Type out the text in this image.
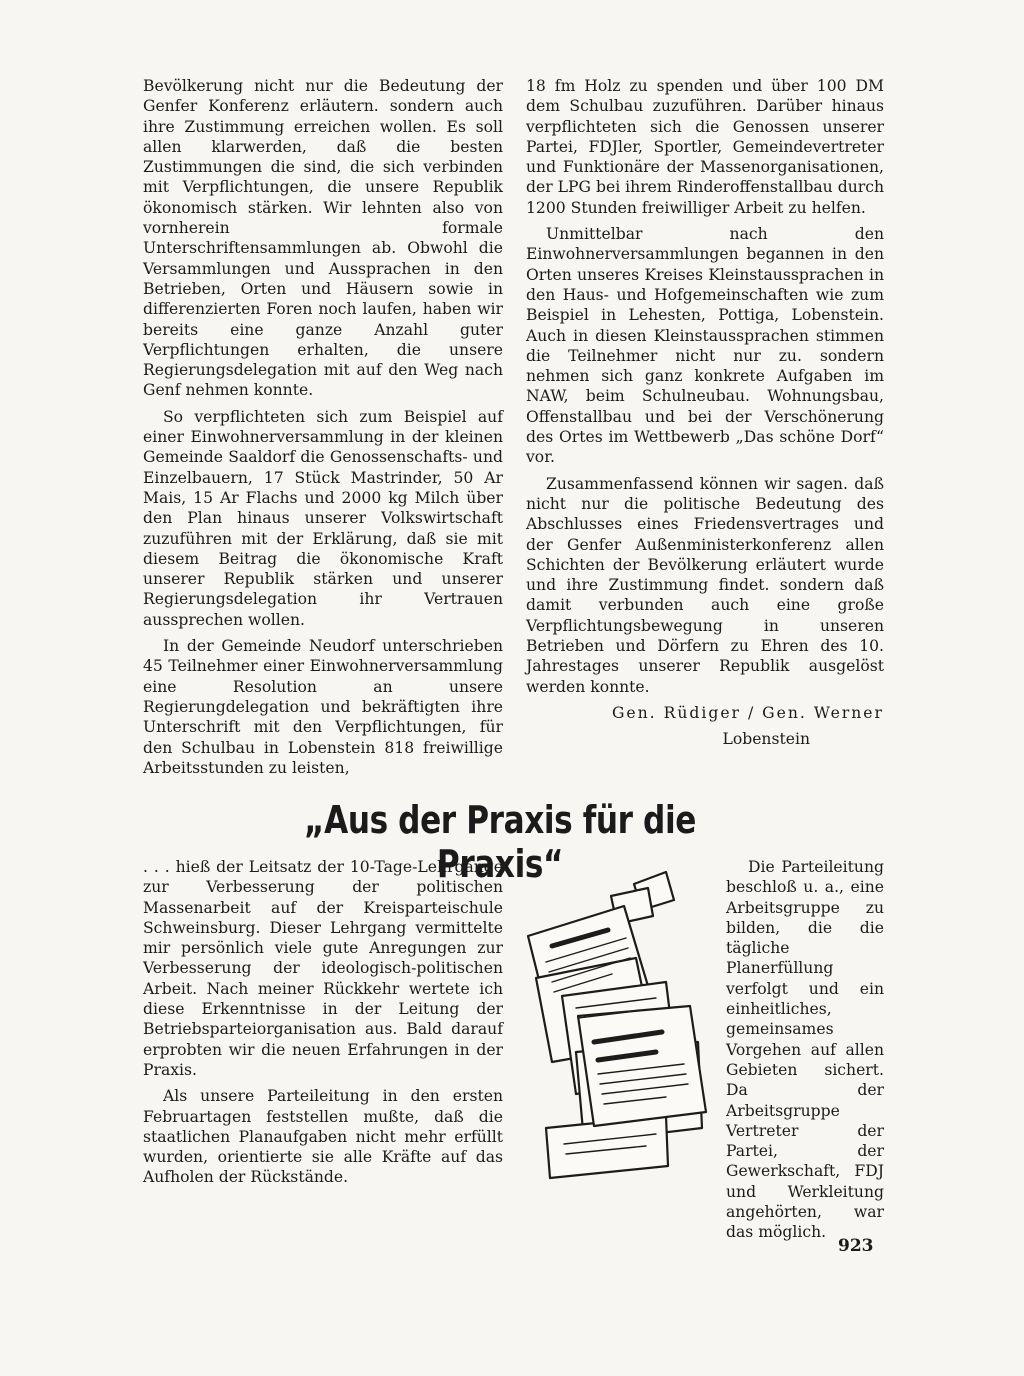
Bevölkerung nicht nur die Bedeutung der Genfer Konferenz erläutern. sondern auch ihre Zustimmung erreichen wollen. Es soll allen klarwerden, daß die besten Zustimmungen die sind, die sich verbinden mit Verpflichtungen, die unsere Republik ökonomisch stärken. Wir lehnten also von vornherein formale Unterschriftensammlungen ab. Obwohl die Versammlungen und Aussprachen in den Betrieben, Orten und Häusern sowie in differenzierten Foren noch laufen, haben wir bereits eine ganze Anzahl guter Verpflichtungen erhalten, die unsere Regierungsdelegation mit auf den Weg nach Genf nehmen konnte.

So verpflichteten sich zum Beispiel auf einer Einwohnerversammlung in der kleinen Gemeinde Saaldorf die Genossenschafts- und Einzelbauern, 17 Stück Mastrinder, 50 Ar Mais, 15 Ar Flachs und 2000 kg Milch über den Plan hinaus unserer Volkswirtschaft zuzuführen mit der Erklärung, daß sie mit diesem Beitrag die ökonomische Kraft unserer Republik stärken und unserer Regierungsdelegation ihr Vertrauen aussprechen wollen.

In der Gemeinde Neudorf unterschrieben 45 Teilnehmer einer Einwohnerversammlung eine Resolution an unsere Regierungdelegation und bekräftigten ihre Unterschrift mit den Verpflichtungen, für den Schulbau in Lobenstein 818 freiwillige Arbeitsstunden zu leisten,

18 fm Holz zu spenden und über 100 DM dem Schulbau zuzuführen. Darüber hinaus verpflichteten sich die Genossen unserer Partei, FDJler, Sportler, Gemeindevertreter und Funktionäre der Massenorganisationen, der LPG bei ihrem Rinderoffenstallbau durch 1200 Stunden freiwilliger Arbeit zu helfen.

Unmittelbar nach den Einwohnerversammlungen begannen in den Orten unseres Kreises Kleinstaussprachen in den Haus- und Hofgemeinschaften wie zum Beispiel in Lehesten, Pottiga, Lobenstein. Auch in diesen Kleinstaussprachen stimmen die Teilnehmer nicht nur zu. sondern nehmen sich ganz konkrete Aufgaben im NAW, beim Schulneubau. Wohnungsbau, Offenstallbau und bei der Verschönerung des Ortes im Wettbewerb „Das schöne Dorf“ vor.

Zusammenfassend können wir sagen. daß nicht nur die politische Bedeutung des Abschlusses eines Friedensvertrages und der Genfer Außenministerkonferenz allen Schichten der Bevölkerung erläutert wurde und ihre Zustimmung findet. sondern daß damit verbunden auch eine große Verpflichtungsbewegung in unseren Betrieben und Dörfern zu Ehren des 10. Jahrestages unserer Republik ausgelöst werden konnte.

Gen. Rüdiger / Gen. Werner

Lobenstein

„Aus der Praxis für die Praxis“

. . . hieß der Leitsatz der 10-Tage-Lehrgänge zur Verbesserung der politischen Massenarbeit auf der Kreisparteischule Schweinsburg. Dieser Lehrgang vermittelte mir persönlich viele gute Anregungen zur Verbesserung der ideologisch-politischen Arbeit. Nach meiner Rückkehr wertete ich diese Erkenntnisse in der Leitung der Betriebsparteiorganisation aus. Bald darauf erprobten wir die neuen Erfahrungen in der Praxis.

Als unsere Parteileitung in den ersten Februartagen feststellen mußte, daß die staatlichen Planaufgaben nicht mehr erfüllt wurden, orientierte sie alle Kräfte auf das Aufholen der Rückstände.

Die Parteileitung beschloß u. a., eine Arbeitsgruppe zu bilden, die die tägliche Planerfüllung verfolgt und ein einheitliches, gemeinsames Vorgehen auf allen Gebieten sichert. Da der Arbeitsgruppe Vertreter der Partei, der Gewerkschaft, FDJ und Werkleitung angehörten, war das möglich.

923
